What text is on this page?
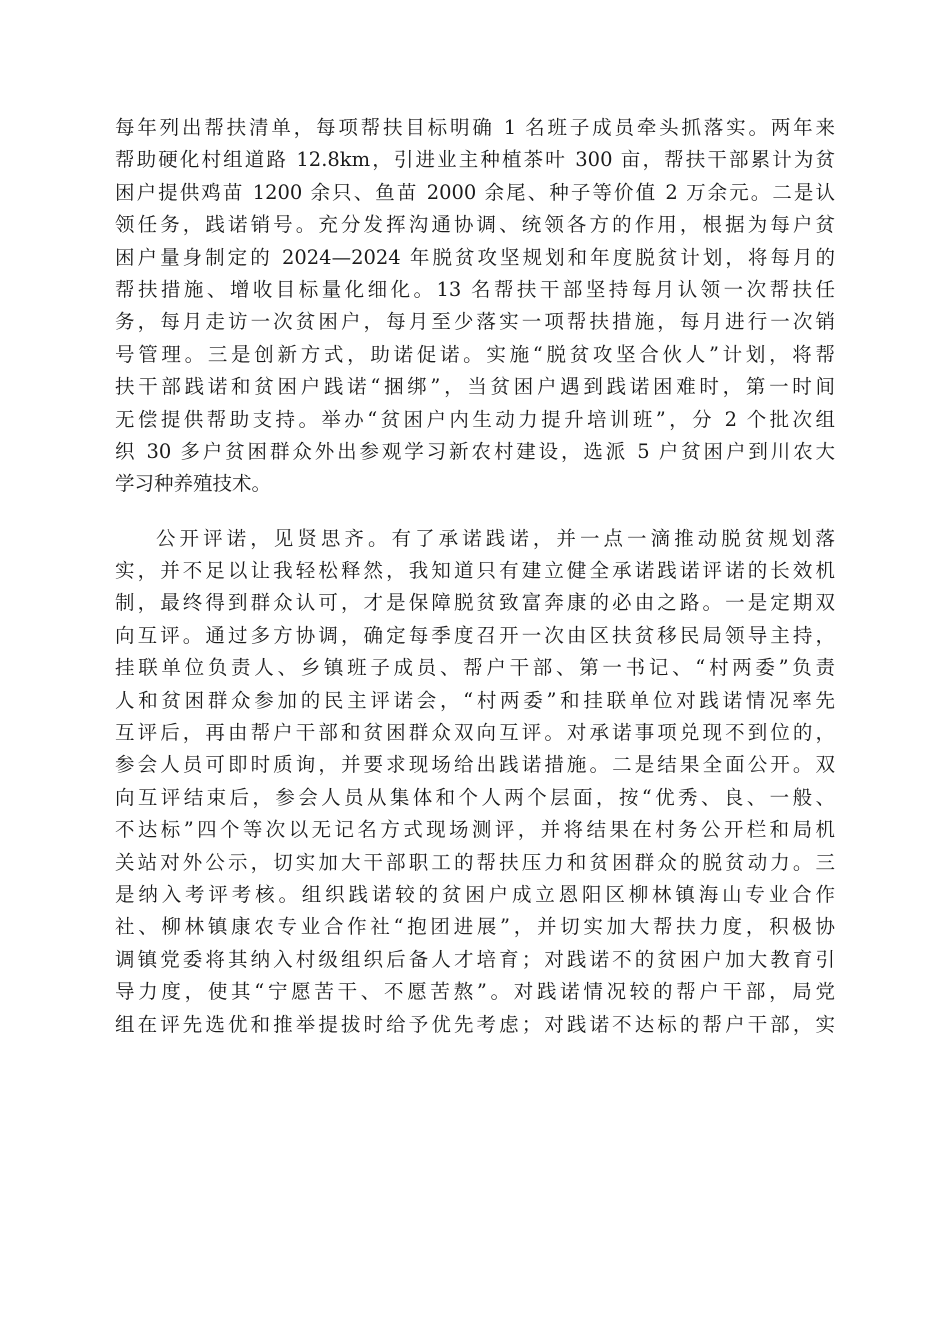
每年列出帮扶清单，每项帮扶目标明确 1 名班子成员牵头抓落实。两年来
帮助硬化村组道路 12.8km，引进业主种植茶叶 300 亩，帮扶干部累计为贫
困户提供鸡苗 1200 余只、鱼苗 2000 余尾、种子等价值 2 万余元。二是认
领任务，践诺销号。充分发挥沟通协调、统领各方的作用，根据为每户贫
困户量身制定的 2024—2024 年脱贫攻坚规划和年度脱贫计划，将每月的
帮扶措施、增收目标量化细化。13 名帮扶干部坚持每月认领一次帮扶任
务，每月走访一次贫困户，每月至少落实一项帮扶措施，每月进行一次销
号管理。三是创新方式，助诺促诺。实施“脱贫攻坚合伙人”计划，将帮
扶干部践诺和贫困户践诺“捆绑”，当贫困户遇到践诺困难时，第一时间
无偿提供帮助支持。举办“贫困户内生动力提升培训班”，分 2 个批次组
织 30 多户贫困群众外出参观学习新农村建设，选派 5 户贫困户到川农大
学习种养殖技术。
公开评诺，见贤思齐。有了承诺践诺，并一点一滴推动脱贫规划落
实，并不足以让我轻松释然，我知道只有建立健全承诺践诺评诺的长效机
制，最终得到群众认可，才是保障脱贫致富奔康的必由之路。一是定期双
向互评。通过多方协调，确定每季度召开一次由区扶贫移民局领导主持，
挂联单位负责人、乡镇班子成员、帮户干部、第一书记、“村两委”负责
人和贫困群众参加的民主评诺会，“村两委”和挂联单位对践诺情况率先
互评后，再由帮户干部和贫困群众双向互评。对承诺事项兑现不到位的，
参会人员可即时质询，并要求现场给出践诺措施。二是结果全面公开。双
向互评结束后，参会人员从集体和个人两个层面，按“优秀、良、一般、
不达标”四个等次以无记名方式现场测评，并将结果在村务公开栏和局机
关站对外公示，切实加大干部职工的帮扶压力和贫困群众的脱贫动力。三
是纳入考评考核。组织践诺较的贫困户成立恩阳区柳林镇海山专业合作
社、柳林镇康农专业合作社“抱团进展”，并切实加大帮扶力度，积极协
调镇党委将其纳入村级组织后备人才培育；对践诺不的贫困户加大教育引
导力度，使其“宁愿苦干、不愿苦熬”。对践诺情况较的帮户干部，局党
组在评先选优和推举提拔时给予优先考虑；对践诺不达标的帮户干部，实
